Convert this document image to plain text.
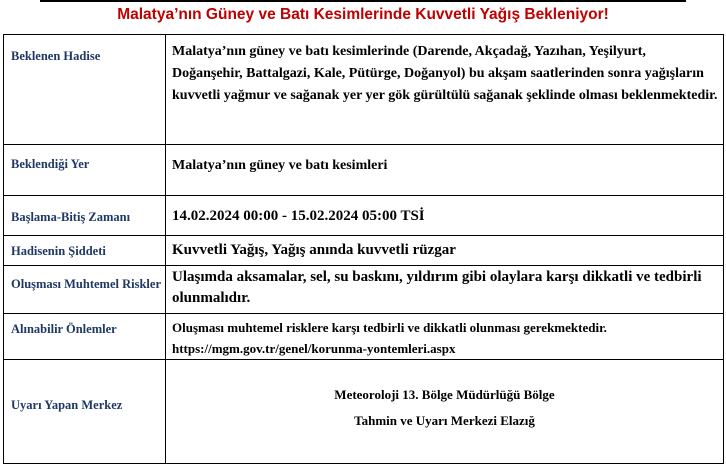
Malatya’nın Güney ve Batı Kesimlerinde Kuvvetli Yağış Bekleniyor!
Beklenen Hadise	Malatya’nın güney ve batı kesimlerinde (Darende, Akçadağ, Yazıhan, Yeşilyurt, Doğanşehir, Battalgazi, Kale, Pütürge, Doğanyol) bu akşam saatlerinden sonra yağışların kuvvetli yağmur ve sağanak yer yer gök gürültülü sağanak şeklinde olması beklenmektedir.

Beklendiği Yer	Malatya’nın güney ve batı kesimleri

Başlama-Bitiş Zamanı	14.02.2024 00:00 - 15.02.2024 05:00 TSİ

Hadisenin Şiddeti	Kuvvetli Yağış, Yağış anında kuvvetli rüzgar

Oluşması Muhtemel Riskler	Ulaşımda aksamalar, sel, su baskını, yıldırım gibi olaylara karşı dikkatli ve tedbirli olunmalıdır.

Alınabilir Önlemler	Oluşması muhtemel risklere karşı tedbirli ve dikkatli olunması gerekmektedir.
https://mgm.gov.tr/genel/korunma-yontemleri.aspx

Uyarı Yapan Merkez	Meteoroloji 13. Bölge Müdürlüğü Bölge
Tahmin ve Uyarı Merkezi Elazığ
